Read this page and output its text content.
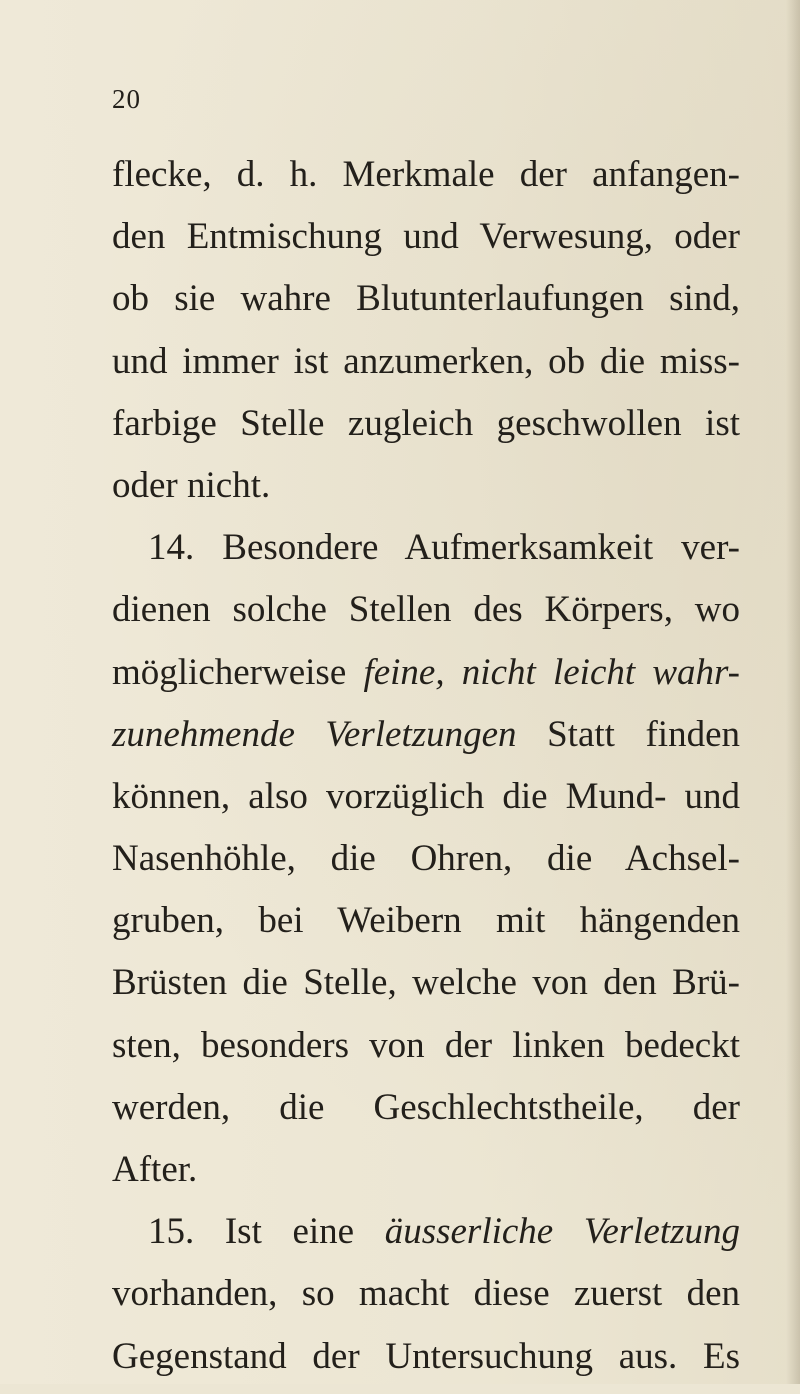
20
flecke, d. h. Merkmale der anfangen-
den Entmischung und Verwesung, oder
ob sie wahre Blutunterlaufungen sind,
und immer ist anzumerken, ob die miss-
farbige Stelle zugleich geschwollen ist
oder nicht.
14. Besondere Aufmerksamkeit ver-
dienen solche Stellen des Körpers, wo
möglicherweise feine, nicht leicht wahr-
zunehmende Verletzungen Statt finden
können, also vorzüglich die Mund- und
Nasenhöhle, die Ohren, die Achsel-
gruben, bei Weibern mit hängenden
Brüsten die Stelle, welche von den Brü-
sten, besonders von der linken bedeckt
werden, die Geschlechtstheile, der
After.
15. Ist eine äusserliche Verletzung
vorhanden, so macht diese zuerst den
Gegenstand der Untersuchung aus. Es
